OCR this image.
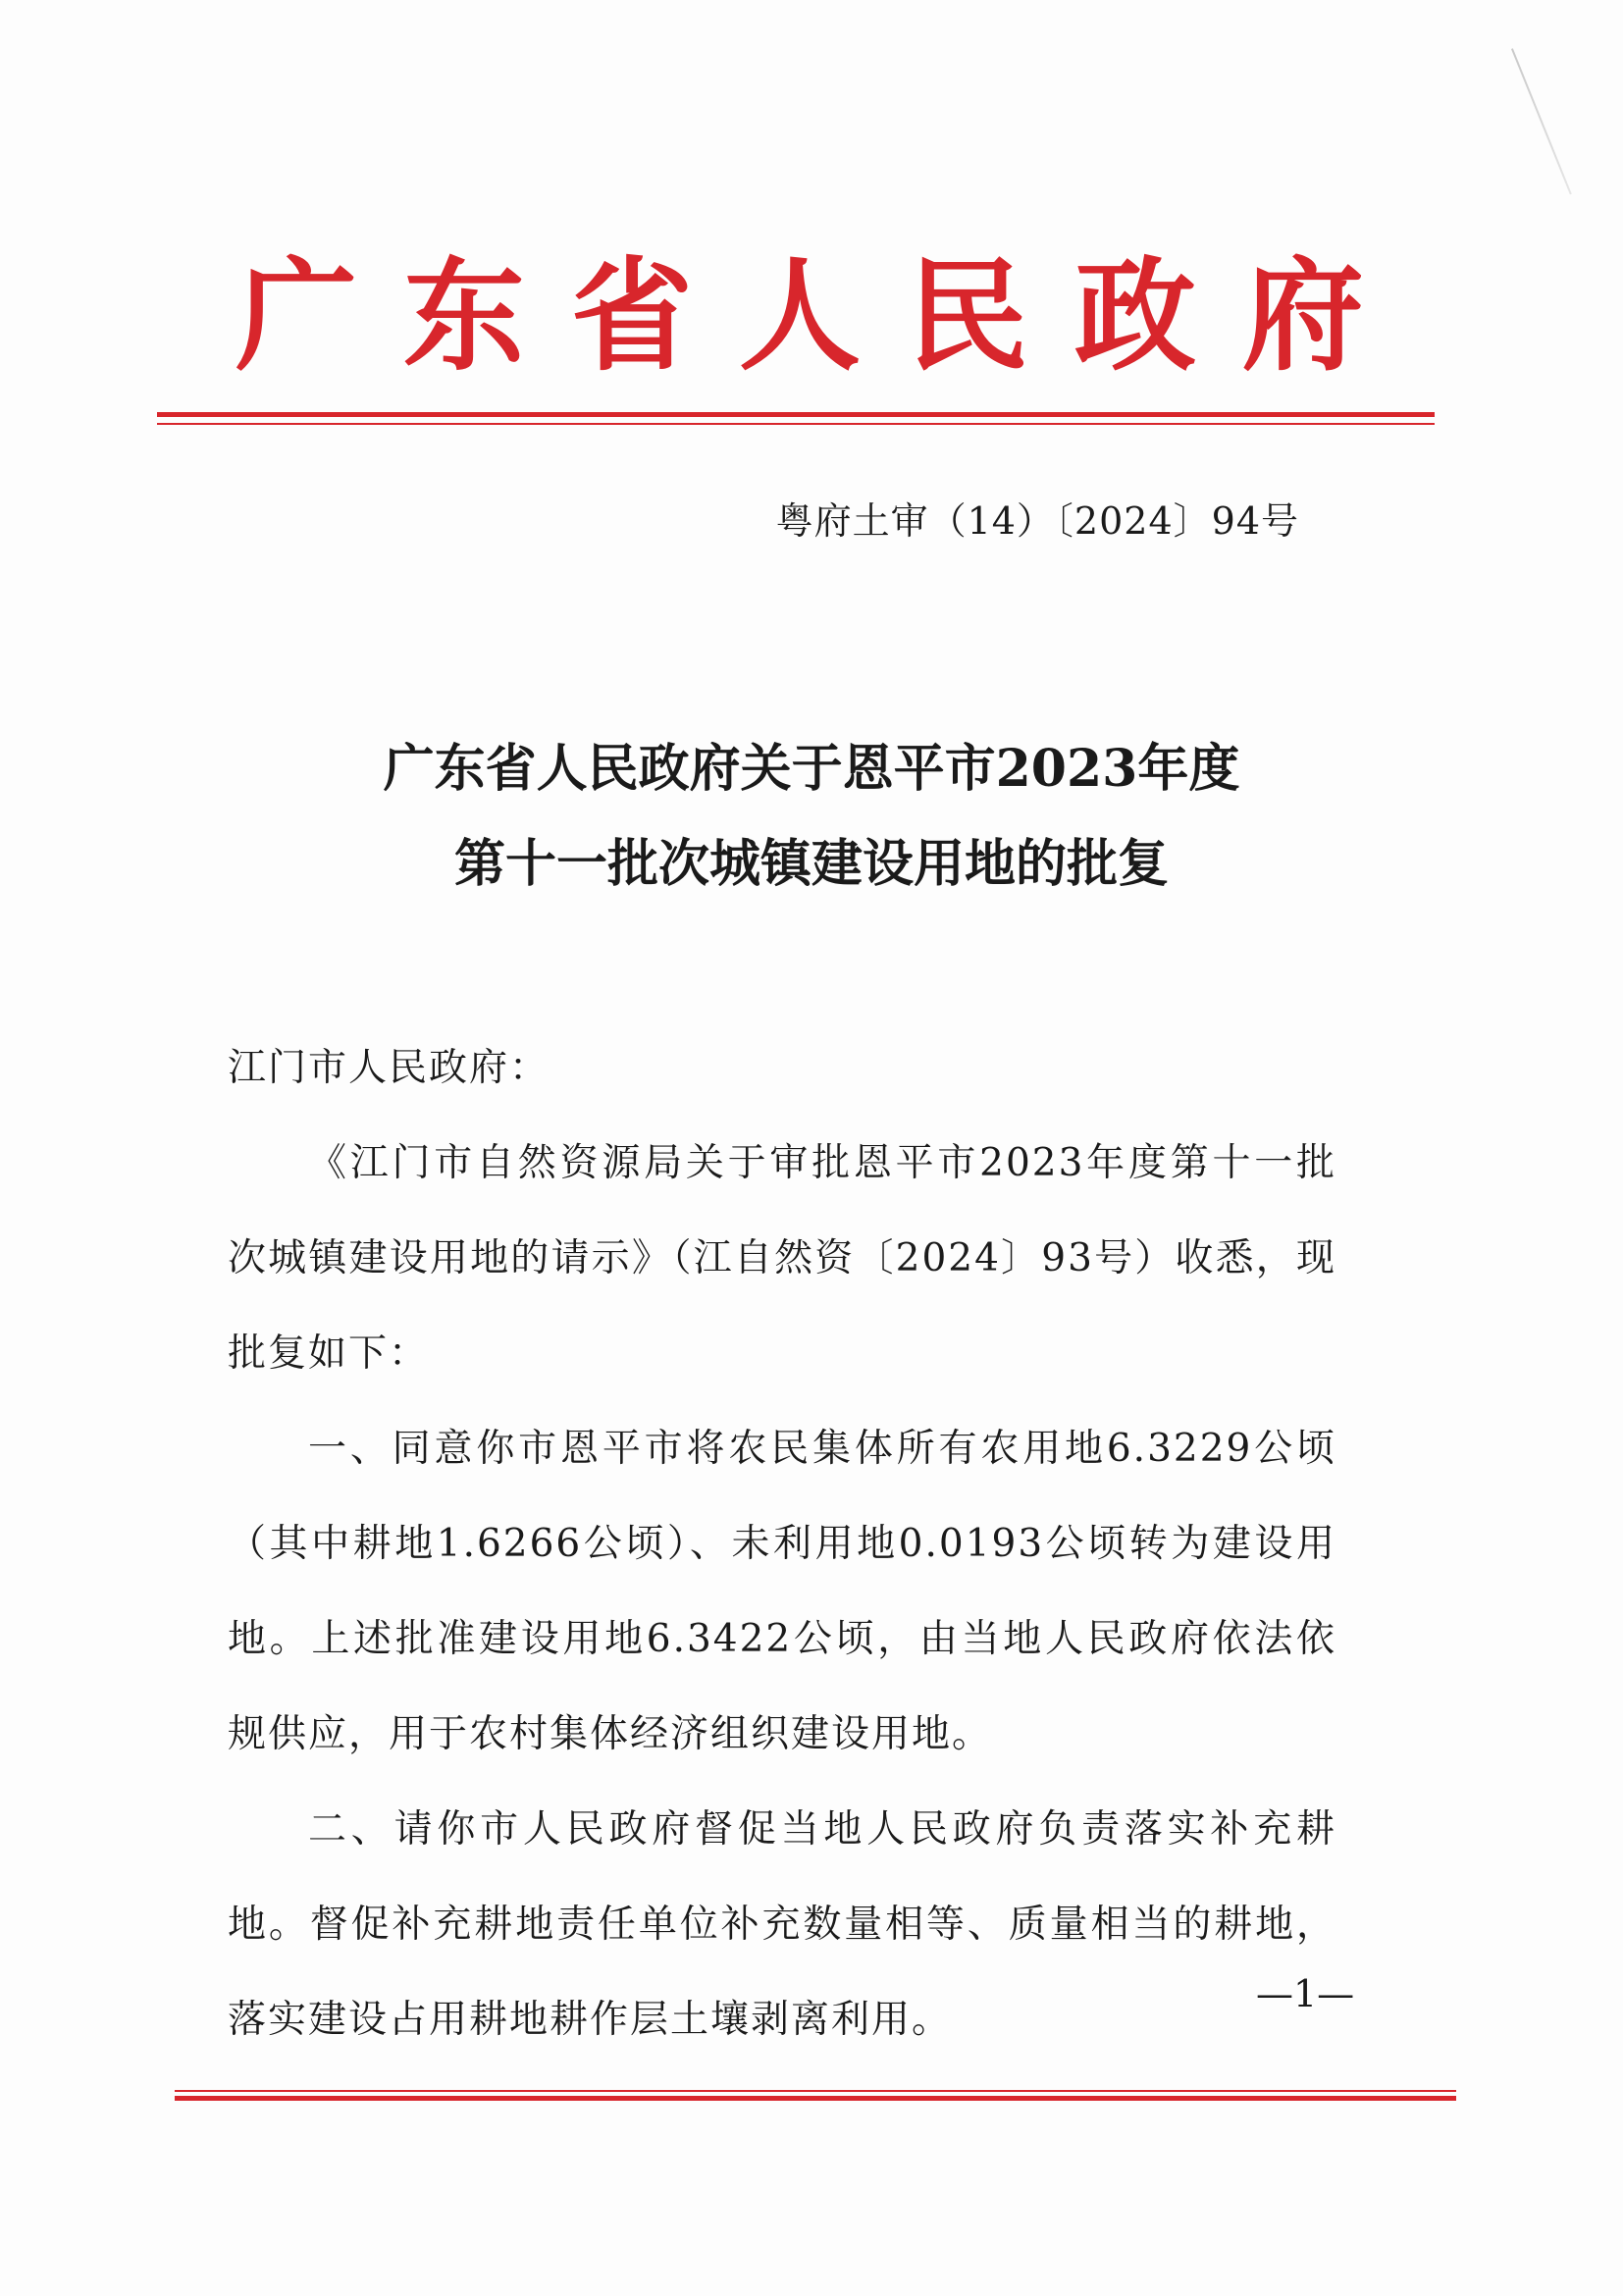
广 东 省 人 民 政 府
粤府土审（14）〔2024〕94号
广东省人民政府关于恩平市2023年度
第十一批次城镇建设用地的批复

江门市人民政府：

《江门市自然资源局关于审批恩平市2023年度第十一批次城镇建设用地的请示》（江自然资〔2024〕93号）收悉，现批复如下：

一、同意你市恩平市将农民集体所有农用地6.3229公顷（其中耕地1.6266公顷）、未利用地0.0193公顷转为建设用地。上述批准建设用地6.3422公顷，由当地人民政府依法依规供应，用于农村集体经济组织建设用地。

二、请你市人民政府督促当地人民政府负责落实补充耕地。督促补充耕地责任单位补充数量相等、质量相当的耕地，落实建设占用耕地耕作层土壤剥离利用。

—1—
